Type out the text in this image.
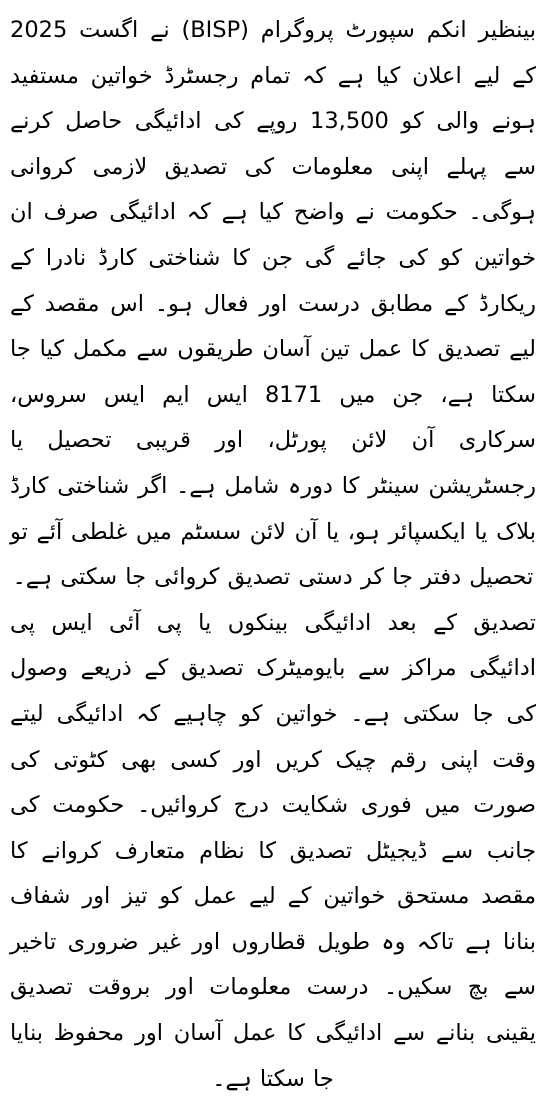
بینظیر انکم سپورٹ پروگرام (BISP) نے اگست 2025 کے لیے اعلان کیا ہے کہ تمام رجسٹرڈ خواتین مستفید ہونے والی کو 13,500 روپے کی ادائیگی حاصل کرنے سے پہلے اپنی معلومات کی تصدیق لازمی کروانی ہوگی۔ حکومت نے واضح کیا ہے کہ ادائیگی صرف ان خواتین کو کی جائے گی جن کا شناختی کارڈ نادرا کے ریکارڈ کے مطابق درست اور فعال ہو۔ اس مقصد کے لیے تصدیق کا عمل تین آسان طریقوں سے مکمل کیا جا سکتا ہے، جن میں 8171 ایس ایم ایس سروس، سرکاری آن لائن پورٹل، اور قریبی تحصیل یا رجسٹریشن سینٹر کا دورہ شامل ہے۔ اگر شناختی کارڈ بلاک یا ایکسپائر ہو، یا آن لائن سسٹم میں غلطی آئے تو تحصیل دفتر جا کر دستی تصدیق کروائی جا سکتی ہے۔

تصدیق کے بعد ادائیگی بینکوں یا پی آئی ایس پی ادائیگی مراکز سے بایومیٹرک تصدیق کے ذریعے وصول کی جا سکتی ہے۔ خواتین کو چاہیے کہ ادائیگی لیتے وقت اپنی رقم چیک کریں اور کسی بھی کٹوتی کی صورت میں فوری شکایت درج کروائیں۔ حکومت کی جانب سے ڈیجیٹل تصدیق کا نظام متعارف کروانے کا مقصد مستحق خواتین کے لیے عمل کو تیز اور شفاف بنانا ہے تاکہ وہ طویل قطاروں اور غیر ضروری تاخیر سے بچ سکیں۔ درست معلومات اور بروقت تصدیق یقینی بنانے سے ادائیگی کا عمل آسان اور محفوظ بنایا جا سکتا ہے۔
